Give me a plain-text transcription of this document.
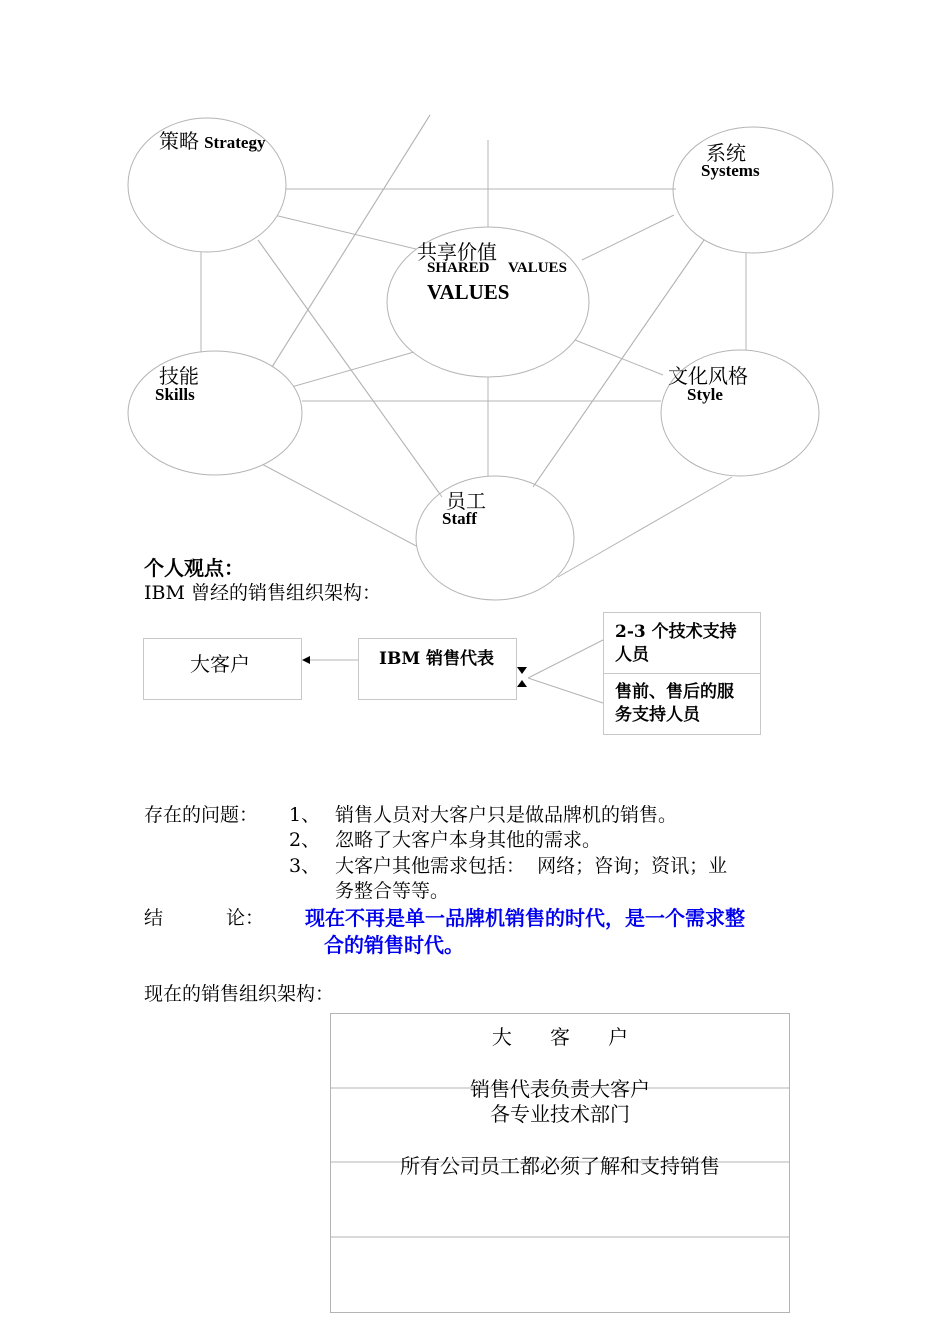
策略 Strategy	系统
Systems
共享价值
SHARED     VALUES
VALUES
技能
Skills
文化风格
Style
员工
Staff
个人观点：
IBM 曾经的销售组织架构：
大客户	IBM 销售代表
2-3 个技术支持
人员
售前、售后的服
务支持人员
存在的问题： 1、 销售人员对大客户只是做品牌机的销售。
2、 忽略了大客户本身其他的需求。
3、 大客户其他需求包括：  网络；咨询；资讯；业
务整合等等。
结	论： 现在不再是单一品牌机销售的时代，是一个需求整
合的销售时代。
现在的销售组织架构：
大      客      户
销售代表负责大客户
各专业技术部门
所有公司员工都必须了解和支持销售
